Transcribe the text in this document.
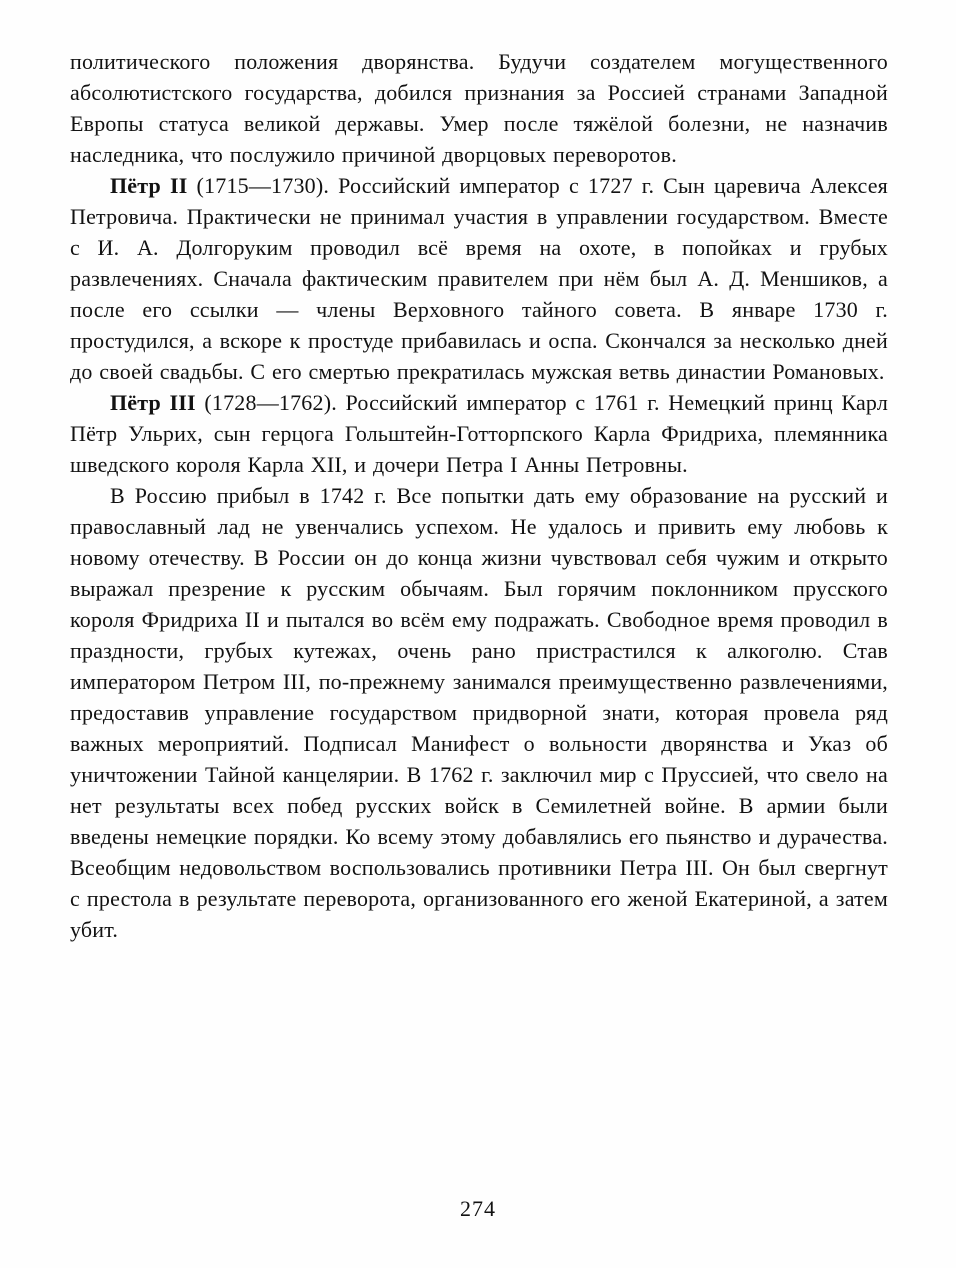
политического положения дворянства. Будучи создателем могущественного абсолютистского государства, добился признания за Россией странами Западной Европы статуса великой державы. Умер после тяжёлой болезни, не назначив наследника, что послужило причиной дворцовых переворотов.

Пётр II (1715—1730). Российский император с 1727 г. Сын царевича Алексея Петровича. Практически не принимал участия в управлении государством. Вместе с И. А. Долгоруким проводил всё время на охоте, в попойках и грубых развлечениях. Сначала фактическим правителем при нём был А. Д. Меншиков, а после его ссылки — члены Верховного тайного совета. В январе 1730 г. простудился, а вскоре к простуде прибавилась и оспа. Скончался за несколько дней до своей свадьбы. С его смертью прекратилась мужская ветвь династии Романовых.

Пётр III (1728—1762). Российский император с 1761 г. Немецкий принц Карл Пётр Ульрих, сын герцога Гольштейн-Готторпского Карла Фридриха, племянника шведского короля Карла XII, и дочери Петра I Анны Петровны.

В Россию прибыл в 1742 г. Все попытки дать ему образование на русский и православный лад не увенчались успехом. Не удалось и привить ему любовь к новому отечеству. В России он до конца жизни чувствовал себя чужим и открыто выражал презрение к русским обычаям. Был горячим поклонником прусского короля Фридриха II и пытался во всём ему подражать. Свободное время проводил в праздности, грубых кутежах, очень рано пристрастился к алкоголю. Став императором Петром III, по-прежнему занимался преимущественно развлечениями, предоставив управление государством придворной знати, которая провела ряд важных мероприятий. Подписал Манифест о вольности дворянства и Указ об уничтожении Тайной канцелярии. В 1762 г. заключил мир с Пруссией, что свело на нет результаты всех побед русских войск в Семилетней войне. В армии были введены немецкие порядки. Ко всему этому добавлялись его пьянство и дурачества. Всеобщим недовольством воспользовались противники Петра III. Он был свергнут с престола в результате переворота, организованного его женой Екатериной, а затем убит.

274
